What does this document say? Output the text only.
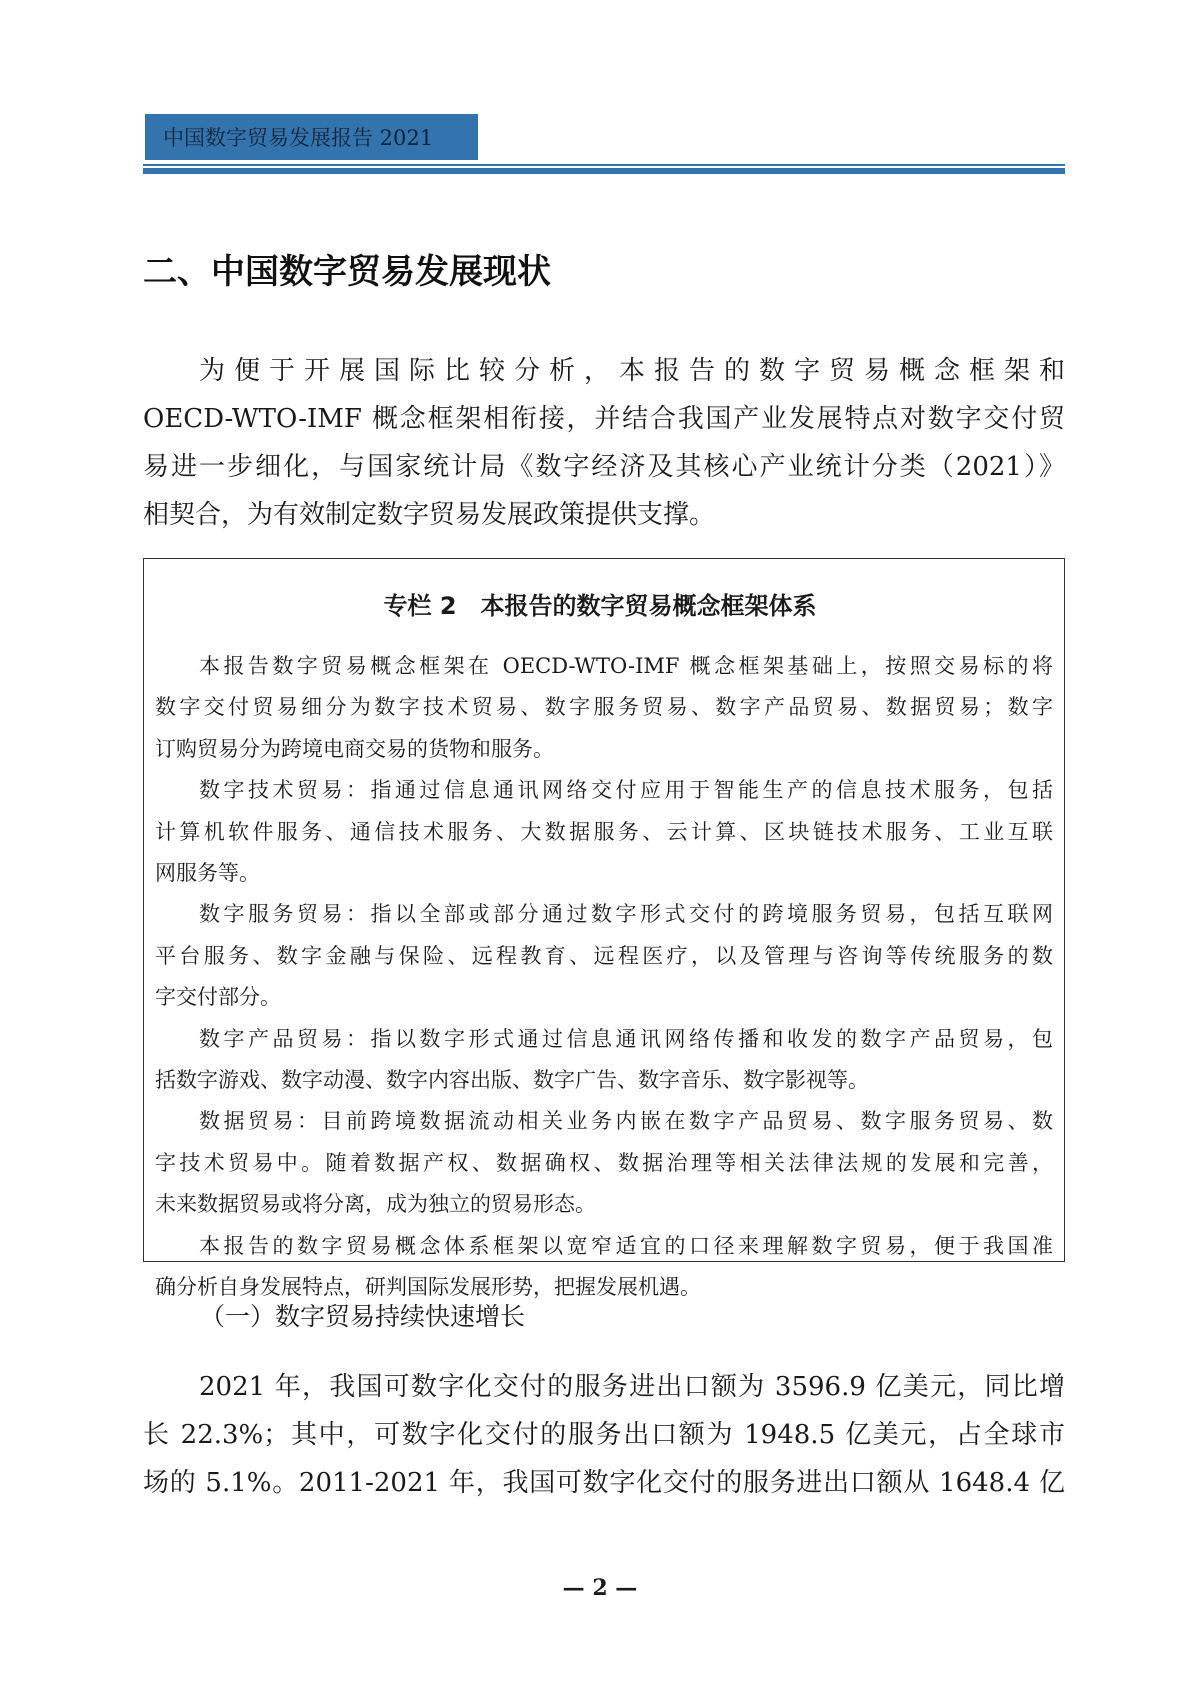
中国数字贸易发展报告 2021
二、中国数字贸易发展现状
为便于开展国际比较分析，本报告的数字贸易概念框架和
OECD-WTO-IMF 概念框架相衔接，并结合我国产业发展特点对数字交付贸
易进一步细化，与国家统计局《数字经济及其核心产业统计分类（2021）》
相契合，为有效制定数字贸易发展政策提供支撑。
专栏 2　本报告的数字贸易概念框架体系
本报告数字贸易概念框架在 OECD-WTO-IMF 概念框架基础上，按照交易标的将
数字交付贸易细分为数字技术贸易、数字服务贸易、数字产品贸易、数据贸易；数字
订购贸易分为跨境电商交易的货物和服务。
数字技术贸易：指通过信息通讯网络交付应用于智能生产的信息技术服务，包括
计算机软件服务、通信技术服务、大数据服务、云计算、区块链技术服务、工业互联
网服务等。
数字服务贸易：指以全部或部分通过数字形式交付的跨境服务贸易，包括互联网
平台服务、数字金融与保险、远程教育、远程医疗，以及管理与咨询等传统服务的数
字交付部分。
数字产品贸易：指以数字形式通过信息通讯网络传播和收发的数字产品贸易，包
括数字游戏、数字动漫、数字内容出版、数字广告、数字音乐、数字影视等。
数据贸易：目前跨境数据流动相关业务内嵌在数字产品贸易、数字服务贸易、数
字技术贸易中。随着数据产权、数据确权、数据治理等相关法律法规的发展和完善，
未来数据贸易或将分离，成为独立的贸易形态。
本报告的数字贸易概念体系框架以宽窄适宜的口径来理解数字贸易，便于我国准
确分析自身发展特点，研判国际发展形势，把握发展机遇。
（一）数字贸易持续快速增长
2021 年，我国可数字化交付的服务进出口额为 3596.9 亿美元，同比增
长 22.3%；其中，可数字化交付的服务出口额为 1948.5 亿美元，占全球市
场的 5.1%。2011-2021 年，我国可数字化交付的服务进出口额从 1648.4 亿
— 2 —
